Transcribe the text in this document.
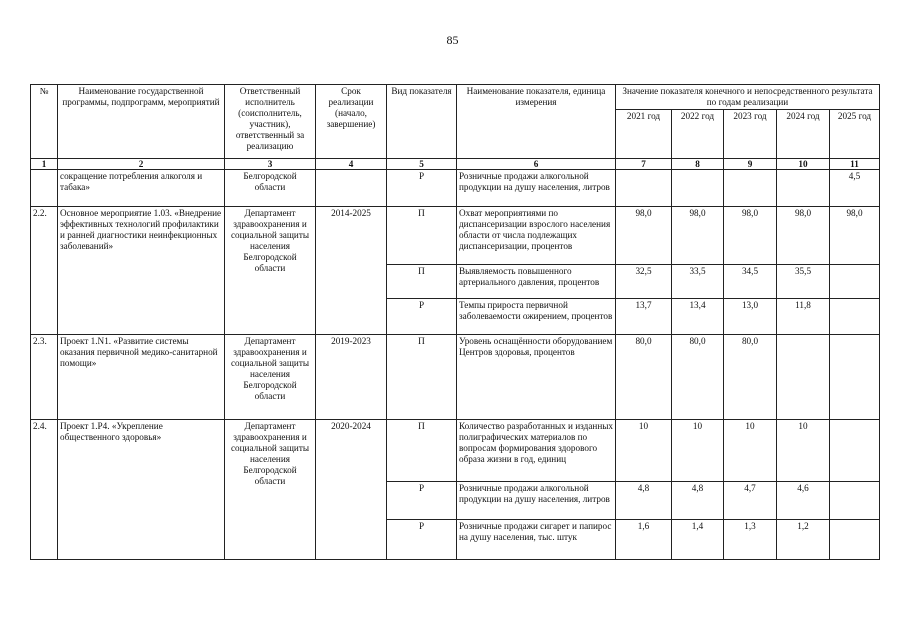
85
№	Наименование государственной программы, подпрограмм, мероприятий	Ответственный исполнитель (соисполнитель, участник), ответственный за реализацию	Срок реализации (начало, завершение)	Вид показателя	Наименование показателя, единица измерения	Значение показателя конечного и непосредственного результата по годам реализации				
						2021 год	2022 год	2023 год	2024 год	2025 год
1	2	3	4	5	6	7	8	9	10	11
	сокращение потребления алкоголя и табака»	Белгородской области		Р	Розничные продажи алкогольной продукции на душу населения, литров					4,5
2.2.	Основное мероприятие 1.03. «Внедрение эффективных технологий профилактики и ранней диагностики неинфекционных заболеваний»	Департамент здравоохранения и социальной защиты населения Белгородской области	2014-2025	П	Охват мероприятиями по диспансеризации взрослого населения области от числа подлежащих диспансеризации, процентов	98,0	98,0	98,0	98,0	98,0
				П	Выявляемость повышенного артериального давления, процентов	32,5	33,5	34,5	35,5	
				Р	Темпы прироста первичной заболеваемости ожирением, процентов	13,7	13,4	13,0	11,8	
2.3.	Проект 1.N1. «Развитие системы оказания первичной медико-санитарной помощи»	Департамент здравоохранения и социальной защиты населения Белгородской области	2019-2023	П	Уровень оснащённости оборудованием Центров здоровья, процентов	80,0	80,0	80,0		
2.4.	Проект 1.Р4. «Укрепление общественного здоровья»	Департамент здравоохранения и социальной защиты населения Белгородской области	2020-2024	П	Количество разработанных и изданных полиграфических материалов по вопросам формирования здорового образа жизни в год, единиц	10	10	10	10	
				Р	Розничные продажи алкогольной продукции на душу населения, литров	4,8	4,8	4,7	4,6	
				Р	Розничные продажи сигарет и папирос на душу населения, тыс. штук	1,6	1,4	1,3	1,2	
